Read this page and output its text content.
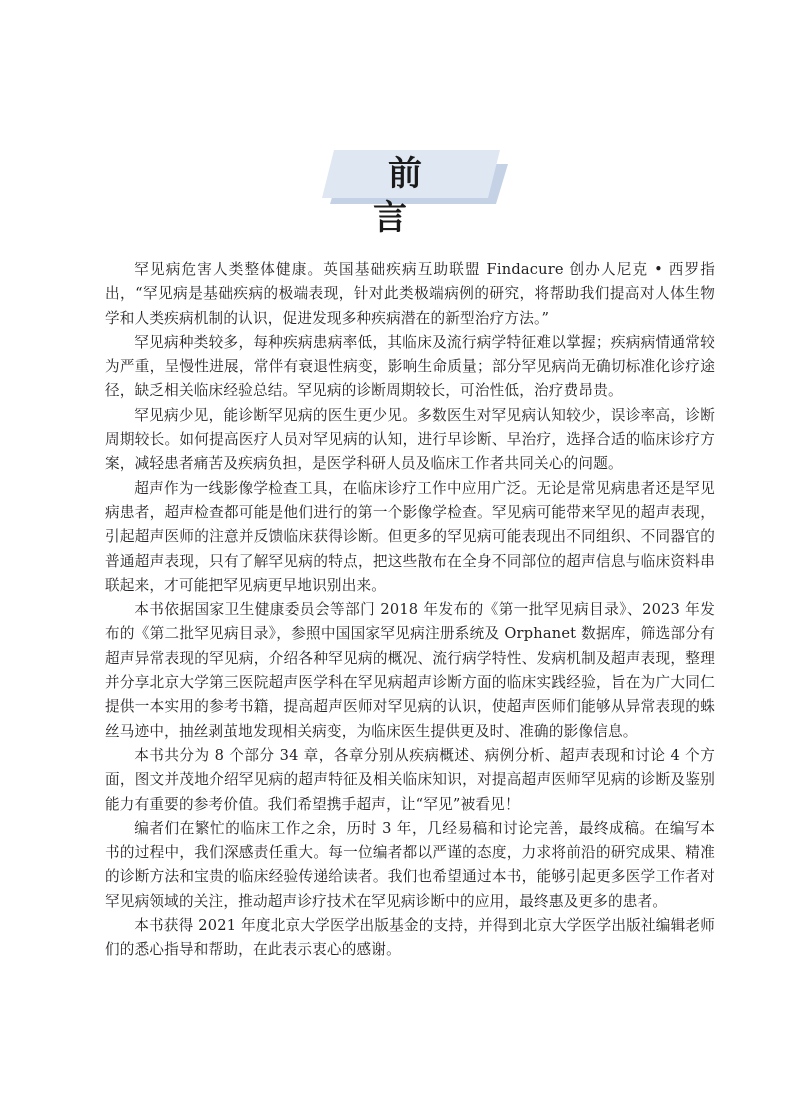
前 言

罕见病危害人类整体健康。英国基础疾病互助联盟 Findacure 创办人尼克 • 西罗指出，“罕见病是基础疾病的极端表现，针对此类极端病例的研究，将帮助我们提高对人体生物学和人类疾病机制的认识，促进发现多种疾病潜在的新型治疗方法。”

罕见病种类较多，每种疾病患病率低，其临床及流行病学特征难以掌握；疾病病情通常较为严重，呈慢性进展，常伴有衰退性病变，影响生命质量；部分罕见病尚无确切标准化诊疗途径，缺乏相关临床经验总结。罕见病的诊断周期较长，可治性低，治疗费昂贵。

罕见病少见，能诊断罕见病的医生更少见。多数医生对罕见病认知较少，误诊率高，诊断周期较长。如何提高医疗人员对罕见病的认知，进行早诊断、早治疗，选择合适的临床诊疗方案，减轻患者痛苦及疾病负担，是医学科研人员及临床工作者共同关心的问题。

超声作为一线影像学检查工具，在临床诊疗工作中应用广泛。无论是常见病患者还是罕见病患者，超声检查都可能是他们进行的第一个影像学检查。罕见病可能带来罕见的超声表现，引起超声医师的注意并反馈临床获得诊断。但更多的罕见病可能表现出不同组织、不同器官的普通超声表现，只有了解罕见病的特点，把这些散布在全身不同部位的超声信息与临床资料串联起来，才可能把罕见病更早地识别出来。

本书依据国家卫生健康委员会等部门 2018 年发布的《第一批罕见病目录》、2023 年发布的《第二批罕见病目录》，参照中国国家罕见病注册系统及 Orphanet 数据库，筛选部分有超声异常表现的罕见病，介绍各种罕见病的概况、流行病学特性、发病机制及超声表现，整理并分享北京大学第三医院超声医学科在罕见病超声诊断方面的临床实践经验，旨在为广大同仁提供一本实用的参考书籍，提高超声医师对罕见病的认识，使超声医师们能够从异常表现的蛛丝马迹中，抽丝剥茧地发现相关病变，为临床医生提供更及时、准确的影像信息。

本书共分为 8 个部分 34 章，各章分别从疾病概述、病例分析、超声表现和讨论 4 个方面，图文并茂地介绍罕见病的超声特征及相关临床知识，对提高超声医师罕见病的诊断及鉴别能力有重要的参考价值。我们希望携手超声，让“罕见”被看见！

编者们在繁忙的临床工作之余，历时 3 年，几经易稿和讨论完善，最终成稿。在编写本书的过程中，我们深感责任重大。每一位编者都以严谨的态度，力求将前沿的研究成果、精准的诊断方法和宝贵的临床经验传递给读者。我们也希望通过本书，能够引起更多医学工作者对罕见病领域的关注，推动超声诊疗技术在罕见病诊断中的应用，最终惠及更多的患者。

本书获得 2021 年度北京大学医学出版基金的支持，并得到北京大学医学出版社编辑老师们的悉心指导和帮助，在此表示衷心的感谢。
